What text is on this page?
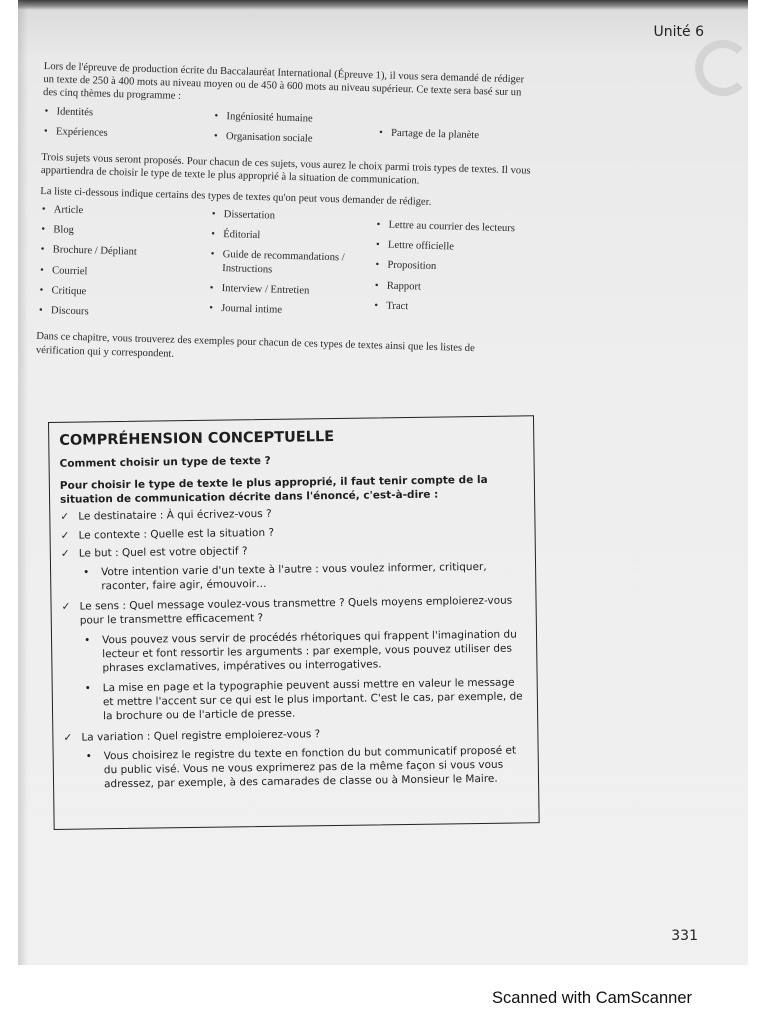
Unité 6

Lors de l'épreuve de production écrite du Baccalauréat International (Épreuve 1), il vous sera demandé de rédiger un texte de 250 à 400 mots au niveau moyen ou de 450 à 600 mots au niveau supérieur. Ce texte sera basé sur un des cinq thèmes du programme :

• Identités
• Expériences
• Ingéniosité humaine
• Organisation sociale
•	Partage de la planète

Trois sujets vous seront proposés. Pour chacun de ces sujets, vous aurez le choix parmi trois types de textes. Il vous appartiendra de choisir le type de texte le plus approprié à la situation de communication.

La liste ci-dessous indique certains des types de textes qu'on peut vous demander de rédiger.

• Article
• Blog
• Brochure / Dépliant
• Courriel
• Critique
• Discours
• Dissertation
• Éditorial
• Guide de recommandations / Instructions
• Interview / Entretien
• Journal intime
• Lettre au courrier des lecteurs
• Lettre officielle
• Proposition
• Rapport
• Tract

Dans ce chapitre, vous trouverez des exemples pour chacun de ces types de textes ainsi que les listes de vérification qui y correspondent.

COMPRÉHENSION CONCEPTUELLE
Comment choisir un type de texte ?
Pour choisir le type de texte le plus approprié, il faut tenir compte de la situation de communication décrite dans l'énoncé, c'est-à-dire :
✓ Le destinataire : À qui écrivez-vous ?
✓ Le contexte : Quelle est la situation ?
✓ Le but : Quel est votre objectif ?
• Votre intention varie d'un texte à l'autre : vous voulez informer, critiquer, raconter, faire agir, émouvoir…
✓ Le sens : Quel message voulez-vous transmettre ? Quels moyens emploierez-vous pour le transmettre efficacement ?
• Vous pouvez vous servir de procédés rhétoriques qui frappent l'imagination du lecteur et font ressortir les arguments : par exemple, vous pouvez utiliser des phrases exclamatives, impératives ou interrogatives.
• La mise en page et la typographie peuvent aussi mettre en valeur le message et mettre l'accent sur ce qui est le plus important. C'est le cas, par exemple, de la brochure ou de l'article de presse.
✓ La variation : Quel registre emploierez-vous ?
• Vous choisirez le registre du texte en fonction du but communicatif proposé et du public visé. Vous ne vous exprimerez pas de la même façon si vous vous adressez, par exemple, à des camarades de classe ou à Monsieur le Maire.
331
Scanned with CamScanner
